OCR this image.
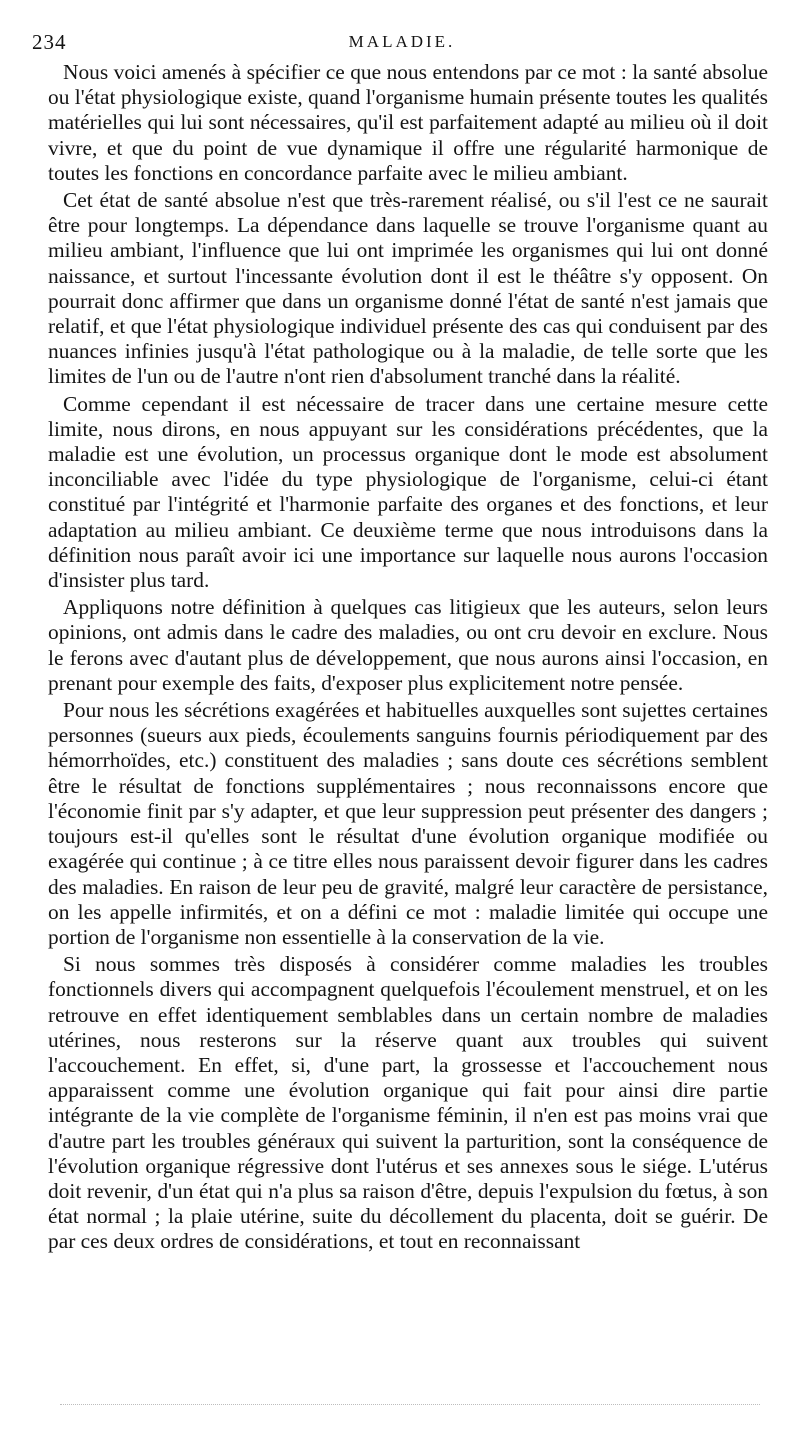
234	MALADIE.

Nous voici amenés à spécifier ce que nous entendons par ce mot : la santé absolue ou l'état physiologique existe, quand l'organisme humain présente toutes les qualités matérielles qui lui sont nécessaires, qu'il est parfaitement adapté au milieu où il doit vivre, et que du point de vue dynamique il offre une régularité harmonique de toutes les fonctions en concordance parfaite avec le milieu ambiant.

Cet état de santé absolue n'est que très-rarement réalisé, ou s'il l'est ce ne saurait être pour longtemps. La dépendance dans laquelle se trouve l'organisme quant au milieu ambiant, l'influence que lui ont imprimée les organismes qui lui ont donné naissance, et surtout l'incessante évolution dont il est le théâtre s'y opposent. On pourrait donc affirmer que dans un organisme donné l'état de santé n'est jamais que relatif, et que l'état physiologique individuel présente des cas qui conduisent par des nuances infinies jusqu'à l'état pathologique ou à la maladie, de telle sorte que les limites de l'un ou de l'autre n'ont rien d'absolument tranché dans la réalité.

Comme cependant il est nécessaire de tracer dans une certaine mesure cette limite, nous dirons, en nous appuyant sur les considérations précédentes, que la maladie est une évolution, un processus organique dont le mode est absolument inconciliable avec l'idée du type physiologique de l'organisme, celui-ci étant constitué par l'intégrité et l'harmonie parfaite des organes et des fonctions, et leur adaptation au milieu ambiant. Ce deuxième terme que nous introduisons dans la définition nous paraît avoir ici une importance sur laquelle nous aurons l'occasion d'insister plus tard.

Appliquons notre définition à quelques cas litigieux que les auteurs, selon leurs opinions, ont admis dans le cadre des maladies, ou ont cru devoir en exclure. Nous le ferons avec d'autant plus de développement, que nous aurons ainsi l'occasion, en prenant pour exemple des faits, d'exposer plus explicitement notre pensée.

Pour nous les sécrétions exagérées et habituelles auxquelles sont sujettes certaines personnes (sueurs aux pieds, écoulements sanguins fournis périodiquement par des hémorrhoïdes, etc.) constituent des maladies ; sans doute ces sécrétions semblent être le résultat de fonctions supplémentaires ; nous reconnaissons encore que l'économie finit par s'y adapter, et que leur suppression peut présenter des dangers ; toujours est-il qu'elles sont le résultat d'une évolution organique modifiée ou exagérée qui continue ; à ce titre elles nous paraissent devoir figurer dans les cadres des maladies. En raison de leur peu de gravité, malgré leur caractère de persistance, on les appelle infirmités, et on a défini ce mot : maladie limitée qui occupe une portion de l'organisme non essentielle à la conservation de la vie.

Si nous sommes très disposés à considérer comme maladies les troubles fonctionnels divers qui accompagnent quelquefois l'écoulement menstruel, et on les retrouve en effet identiquement semblables dans un certain nombre de maladies utérines, nous resterons sur la réserve quant aux troubles qui suivent l'accouchement. En effet, si, d'une part, la grossesse et l'accouchement nous apparaissent comme une évolution organique qui fait pour ainsi dire partie intégrante de la vie complète de l'organisme féminin, il n'en est pas moins vrai que d'autre part les troubles généraux qui suivent la parturition, sont la conséquence de l'évolution organique régressive dont l'utérus et ses annexes sous le siége. L'utérus doit revenir, d'un état qui n'a plus sa raison d'être, depuis l'expulsion du fœtus, à son état normal ; la plaie utérine, suite du décollement du placenta, doit se guérir. De par ces deux ordres de considérations, et tout en reconnaissant
